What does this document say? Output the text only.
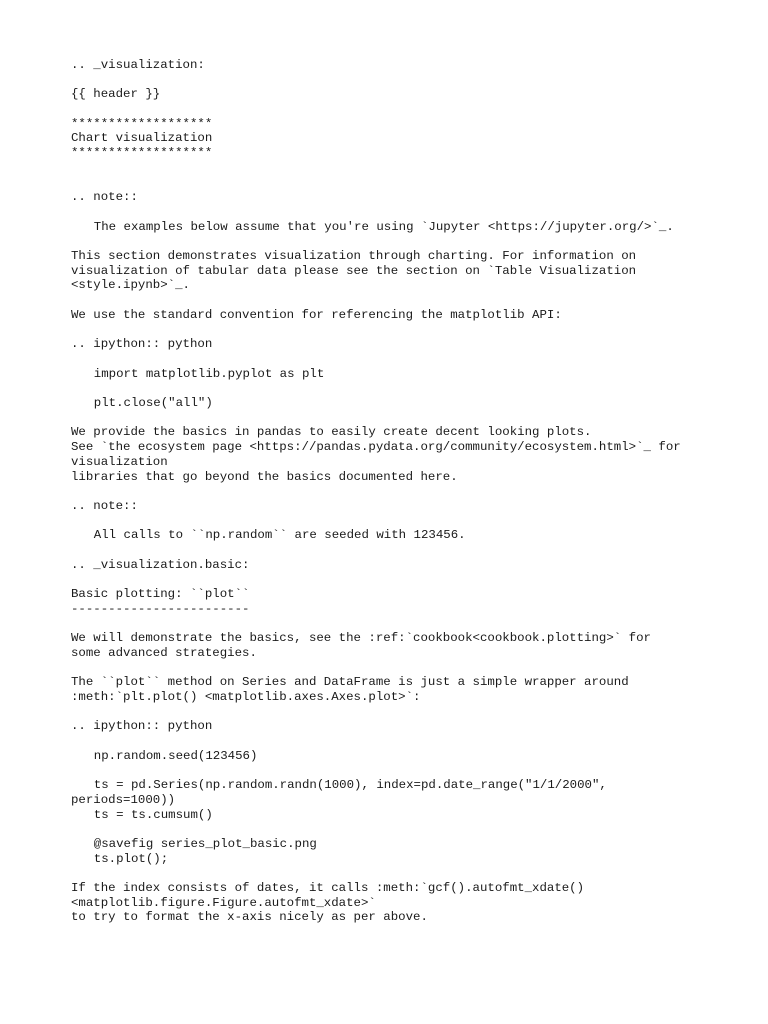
.. _visualization:
{{ header }}
*******************
Chart visualization
*******************
.. note::
The examples below assume that you're using `Jupyter <https://jupyter.org/>`_.
This section demonstrates visualization through charting. For information on
visualization of tabular data please see the section on `Table Visualization
<style.ipynb>`_.
We use the standard convention for referencing the matplotlib API:
.. ipython:: python
import matplotlib.pyplot as plt
plt.close("all")
We provide the basics in pandas to easily create decent looking plots.
See `the ecosystem page <https://pandas.pydata.org/community/ecosystem.html>`_ for
visualization
libraries that go beyond the basics documented here.
.. note::
All calls to ``np.random`` are seeded with 123456.
.. _visualization.basic:
Basic plotting: ``plot``
------------------------
We will demonstrate the basics, see the :ref:`cookbook<cookbook.plotting>` for
some advanced strategies.
The ``plot`` method on Series and DataFrame is just a simple wrapper around
:meth:`plt.plot() <matplotlib.axes.Axes.plot>`:
.. ipython:: python
np.random.seed(123456)
ts = pd.Series(np.random.randn(1000), index=pd.date_range("1/1/2000",
periods=1000))
ts = ts.cumsum()
@savefig series_plot_basic.png
ts.plot();
If the index consists of dates, it calls :meth:`gcf().autofmt_xdate()
<matplotlib.figure.Figure.autofmt_xdate>`
to try to format the x-axis nicely as per above.
